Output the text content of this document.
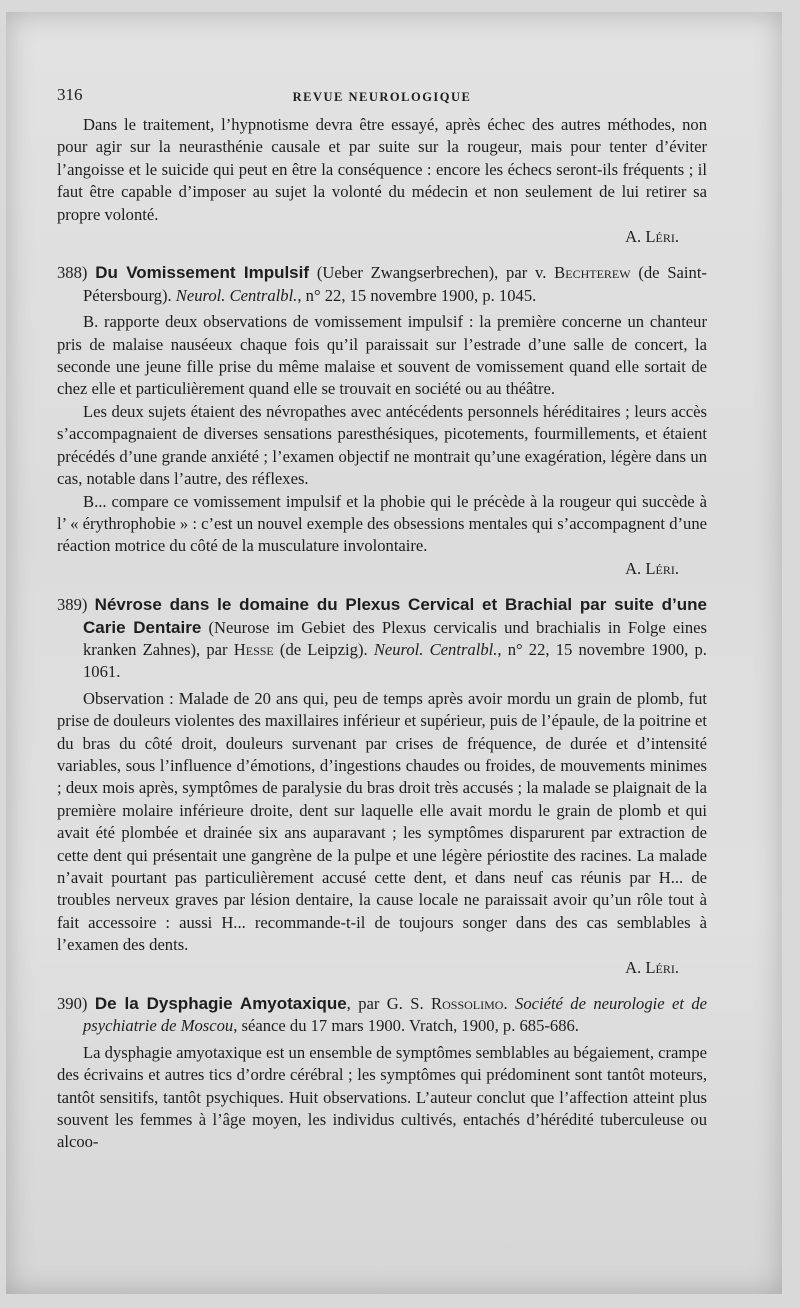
316	REVUE NEUROLOGIQUE

Dans le traitement, l’hypnotisme devra être essayé, après échec des autres méthodes, non pour agir sur la neurasthénie causale et par suite sur la rougeur, mais pour tenter d’éviter l’angoisse et le suicide qui peut en être la conséquence : encore les échecs seront-ils fréquents ; il faut être capable d’imposer au sujet la volonté du médecin et non seulement de lui retirer sa propre volonté.

A. Léri.

388) Du Vomissement Impulsif (Ueber Zwangserbrechen), par v. Bechterew (de Saint-Pétersbourg). Neurol. Centralbl., n° 22, 15 novembre 1900, p. 1045.

B. rapporte deux observations de vomissement impulsif : la première concerne un chanteur pris de malaise nauséeux chaque fois qu’il paraissait sur l’estrade d’une salle de concert, la seconde une jeune fille prise du même malaise et souvent de vomissement quand elle sortait de chez elle et particulièrement quand elle se trouvait en société ou au théâtre.

Les deux sujets étaient des névropathes avec antécédents personnels héréditaires ; leurs accès s’accompagnaient de diverses sensations paresthésiques, picotements, fourmillements, et étaient précédés d’une grande anxiété ; l’examen objectif ne montrait qu’une exagération, légère dans un cas, notable dans l’autre, des réflexes.

B... compare ce vomissement impulsif et la phobie qui le précède à la rougeur qui succède à l’ « érythrophobie » : c’est un nouvel exemple des obsessions mentales qui s’accompagnent d’une réaction motrice du côté de la musculature involontaire.

A. Léri.

389) Névrose dans le domaine du Plexus Cervical et Brachial par suite d’une Carie Dentaire (Neurose im Gebiet des Plexus cervicalis und brachialis in Folge eines kranken Zahnes), par Hesse (de Leipzig). Neurol. Centralbl., n° 22, 15 novembre 1900, p. 1061.

Observation : Malade de 20 ans qui, peu de temps après avoir mordu un grain de plomb, fut prise de douleurs violentes des maxillaires inférieur et supérieur, puis de l’épaule, de la poitrine et du bras du côté droit, douleurs survenant par crises de fréquence, de durée et d’intensité variables, sous l’influence d’émotions, d’ingestions chaudes ou froides, de mouvements minimes ; deux mois après, symptômes de paralysie du bras droit très accusés ; la malade se plaignait de la première molaire inférieure droite, dent sur laquelle elle avait mordu le grain de plomb et qui avait été plombée et drainée six ans auparavant ; les symptômes disparurent par extraction de cette dent qui présentait une gangrène de la pulpe et une légère périostite des racines. La malade n’avait pourtant pas particulièrement accusé cette dent, et dans neuf cas réunis par H... de troubles nerveux graves par lésion dentaire, la cause locale ne paraissait avoir qu’un rôle tout à fait accessoire : aussi H... recommande-t-il de toujours songer dans des cas semblables à l’examen des dents.

A. Léri.

390) De la Dysphagie Amyotaxique, par G. S. Rossolimo. Société de neurologie et de psychiatrie de Moscou, séance du 17 mars 1900. Vratch, 1900, p. 685-686.

La dysphagie amyotaxique est un ensemble de symptômes semblables au bégaiement, crampe des écrivains et autres tics d’ordre cérébral ; les symptômes qui prédominent sont tantôt moteurs, tantôt sensitifs, tantôt psychiques. Huit observations. L’auteur conclut que l’affection atteint plus souvent les femmes à l’âge moyen, les individus cultivés, entachés d’hérédité tuberculeuse ou alcoo-
